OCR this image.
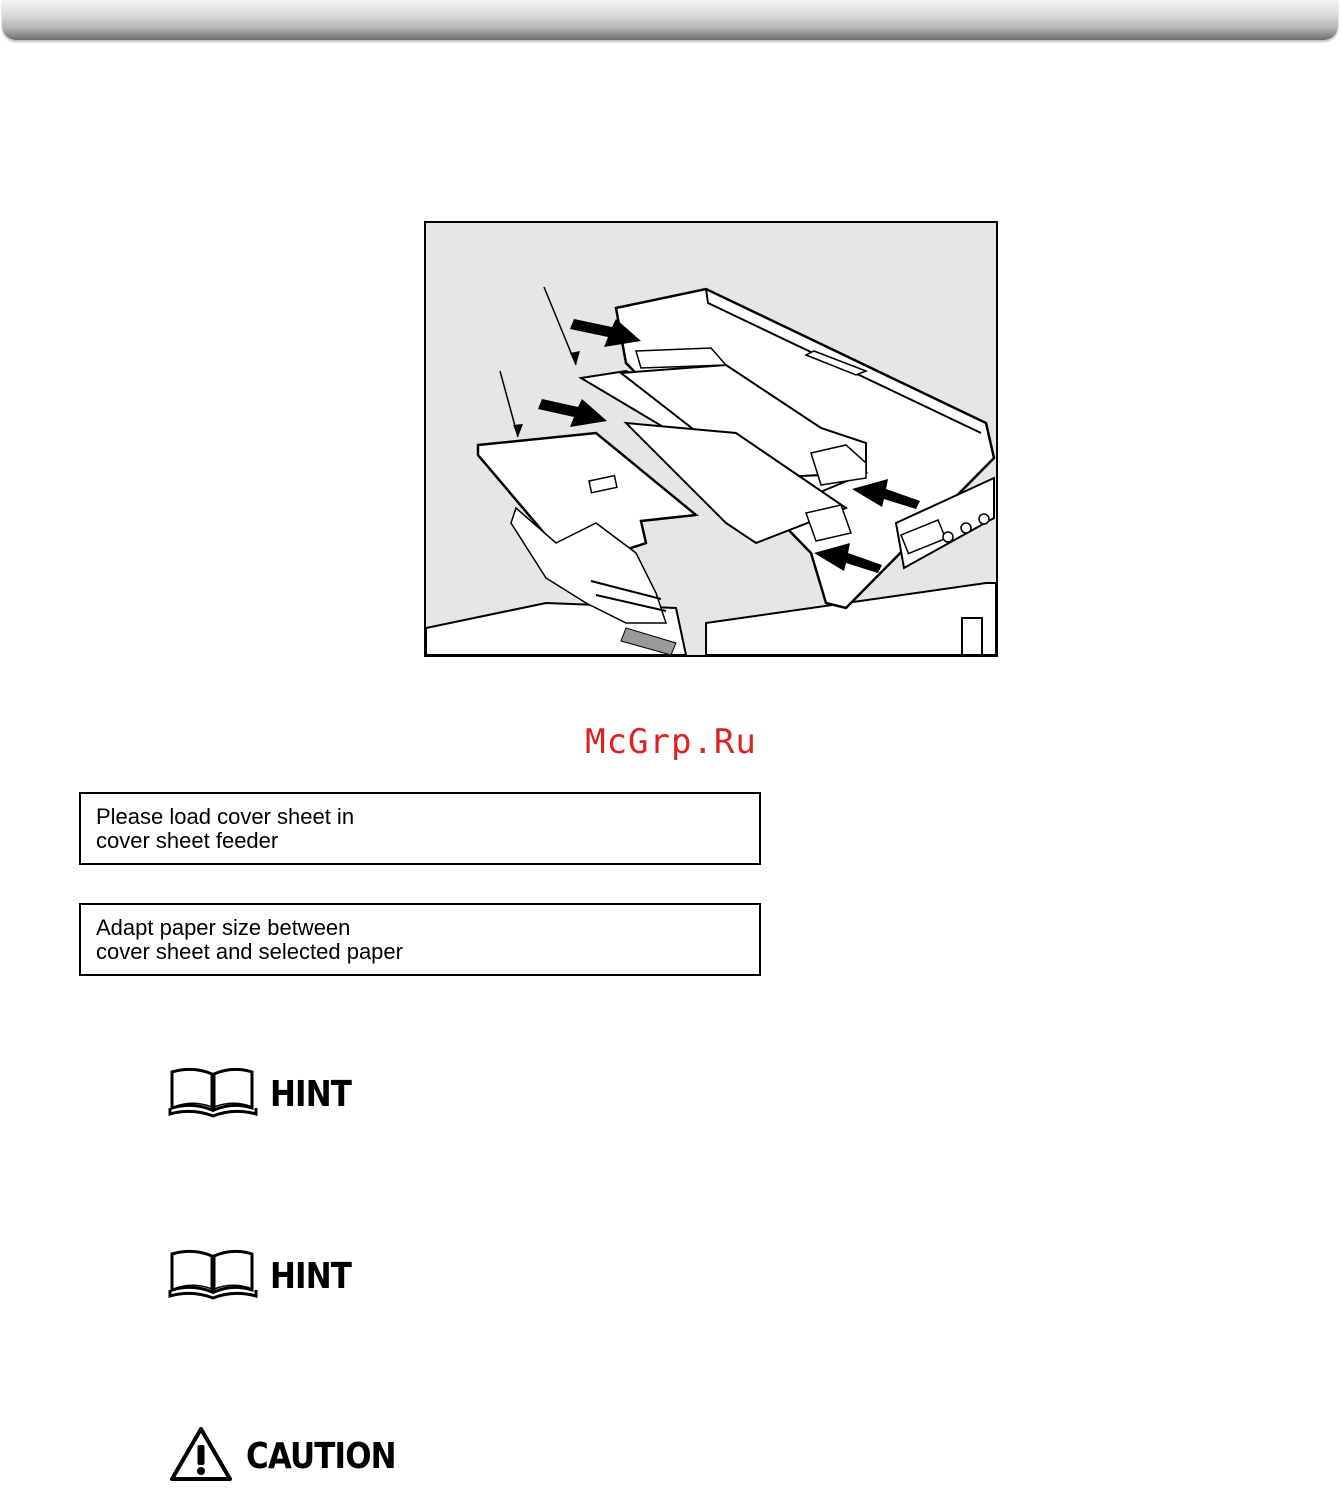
McGrp.Ru
Please load cover sheet in
cover sheet feeder
Adapt paper size between
cover sheet and selected paper
HINT
HINT
CAUTION
